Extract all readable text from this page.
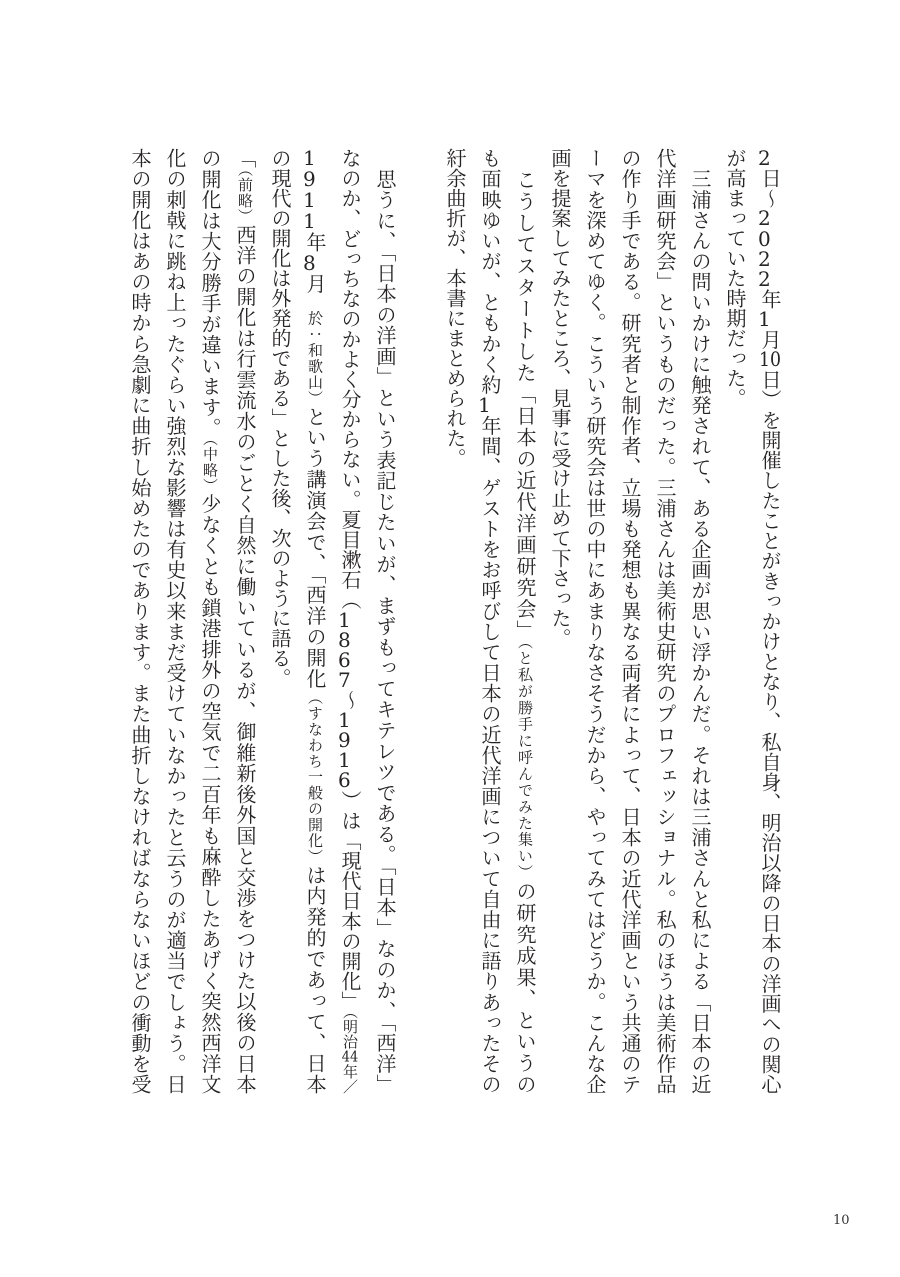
2日〜2022年1月10日）を開催したことがきっかけとなり、私自身、明治以降の日本の洋画への関心
が高まっていた時期だった。
　三浦さんの問いかけに触発されて、ある企画が思い浮かんだ。それは三浦さんと私による「日本の近
代洋画研究会」というものだった。三浦さんは美術史研究のプロフェッショナル。私のほうは美術作品
の作り手である。研究者と制作者、立場も発想も異なる両者によって、日本の近代洋画という共通のテ
ーマを深めてゆく。こういう研究会は世の中にあまりなさそうだから、やってみてはどうか。こんな企
画を提案してみたところ、見事に受け止めて下さった。
　こうしてスタートした「日本の近代洋画研究会」（と私が勝手に呼んでみた集い）の研究成果、というの
も面映ゆいが、ともかく約1年間、ゲストをお呼びして日本の近代洋画について自由に語りあったその
紆余曲折が、本書にまとめられた。
　思うに、「日本の洋画」という表記じたいが、まずもってキテレツである。「日本」なのか、「西洋」
なのか、どっちなのかよく分からない。夏目漱石（1867〜1916）は「現代日本の開化」（明治44年／
1911年8月　於：和歌山）という講演会で、「西洋の開化（すなわち一般の開化）は内発的であって、日本
の現代の開化は外発的である」とした後、次のように語る。
「（前略）西洋の開化は行雲流水のごとく自然に働いているが、御維新後外国と交渉をつけた以後の日本
の開化は大分勝手が違います。（中略）少なくとも鎖港排外の空気で二百年も麻酔したあげく突然西洋文
化の刺戟に跳ね上ったぐらい強烈な影響は有史以来まだ受けていなかったと云うのが適当でしょう。日
本の開化はあの時から急劇に曲折し始めたのであります。また曲折しなければならないほどの衝動を受
10
